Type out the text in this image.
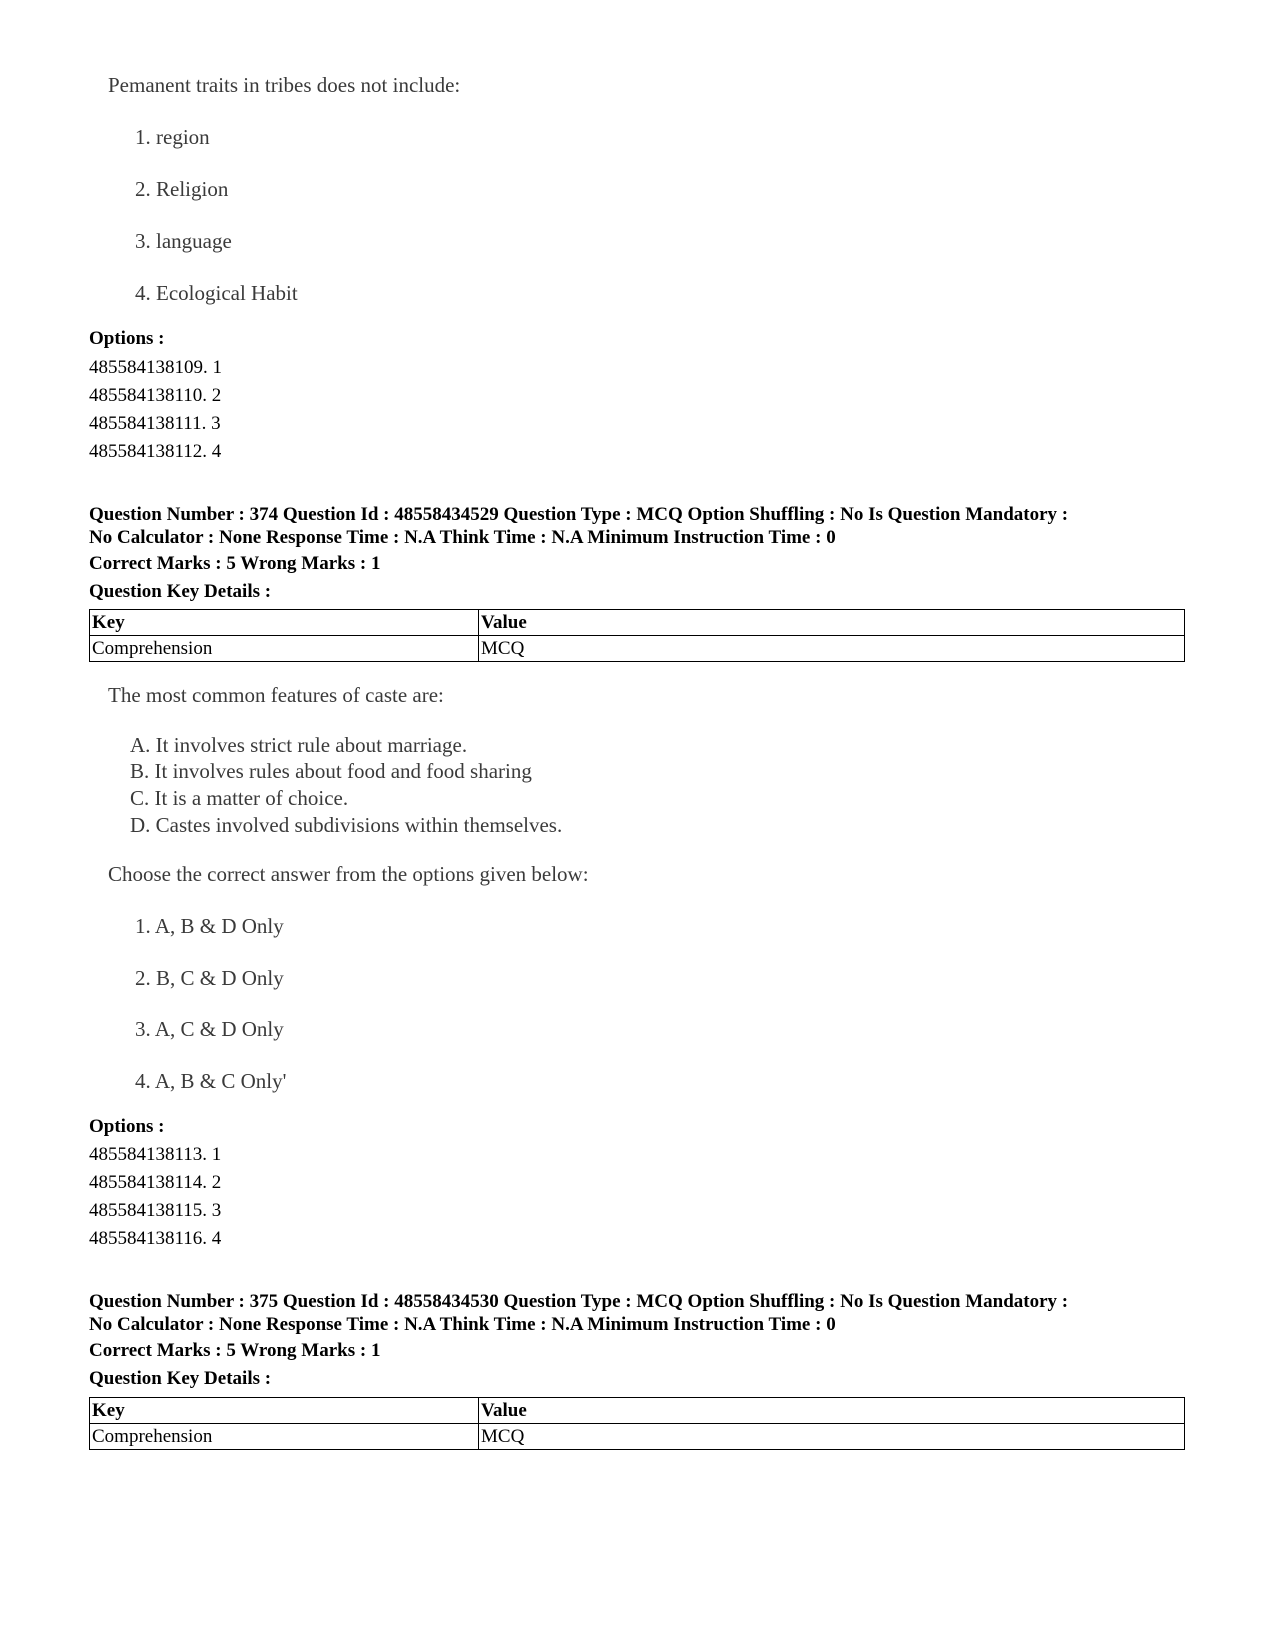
Pemanent traits in tribes does not include:
1. region
2. Religion
3. language
4. Ecological Habit
Options :
485584138109. 1
485584138110. 2
485584138111. 3
485584138112. 4
Question Number : 374 Question Id : 48558434529 Question Type : MCQ Option Shuffling : No Is Question Mandatory :
No Calculator : None Response Time : N.A Think Time : N.A Minimum Instruction Time : 0
Correct Marks : 5 Wrong Marks : 1
Question Key Details :
Key	Value
Comprehension	MCQ
The most common features of caste are:
A. It involves strict rule about marriage.
B. It involves rules about food and food sharing
C. It is a matter of choice.
D. Castes involved subdivisions within themselves.
Choose the correct answer from the options given below:
1. A, B & D Only
2. B, C & D Only
3. A, C & D Only
4. A, B & C Only'
Options :
485584138113. 1
485584138114. 2
485584138115. 3
485584138116. 4
Question Number : 375 Question Id : 48558434530 Question Type : MCQ Option Shuffling : No Is Question Mandatory :
No Calculator : None Response Time : N.A Think Time : N.A Minimum Instruction Time : 0
Correct Marks : 5 Wrong Marks : 1
Question Key Details :
Key	Value
Comprehension	MCQ
